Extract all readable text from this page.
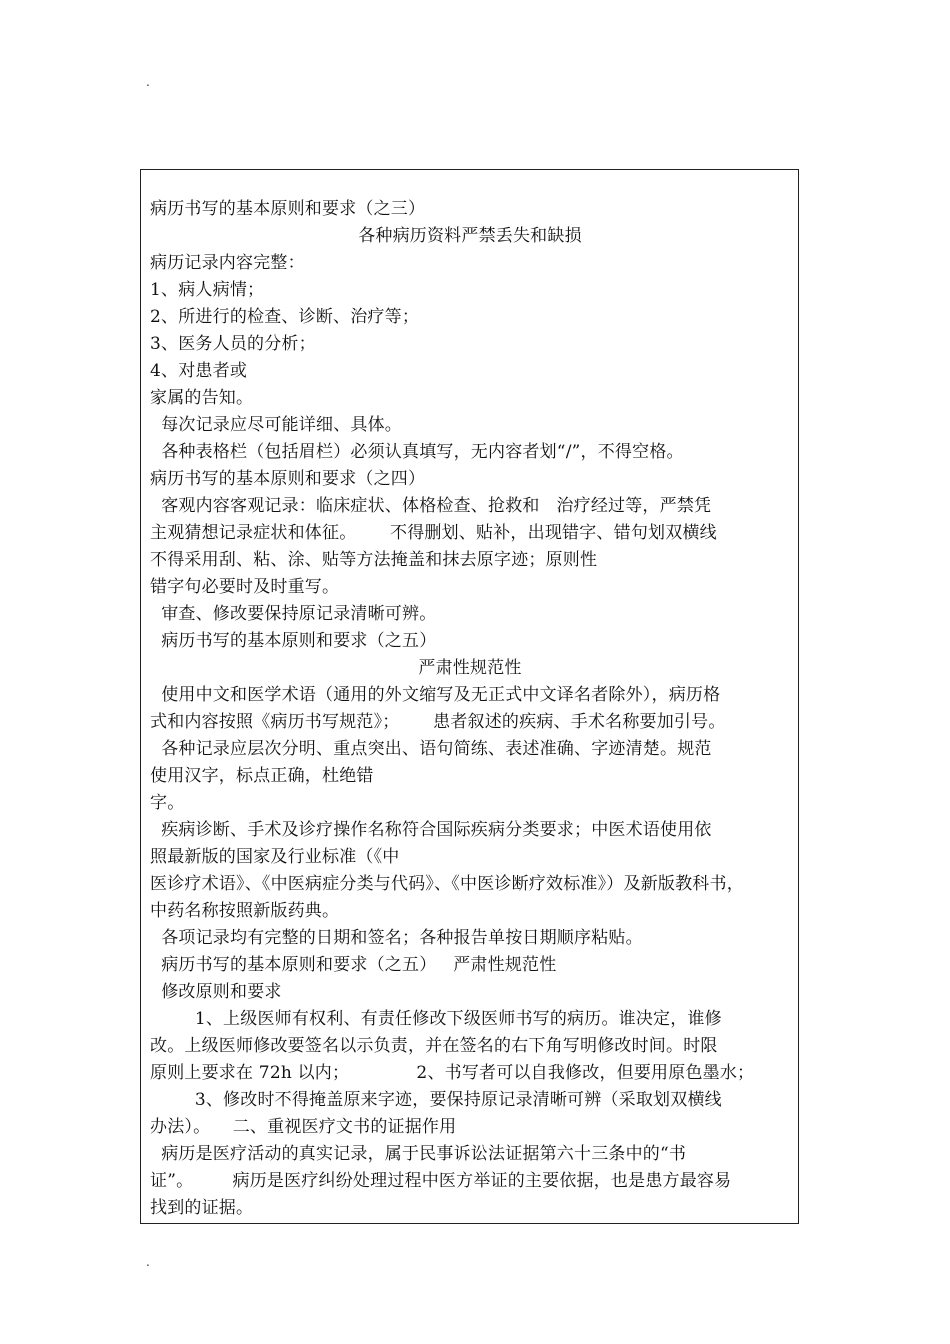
.
病历书写的基本原则和要求（之三）
各种病历资料严禁丢失和缺损
病历记录内容完整：
1、病人病情；
2、所进行的检查、诊断、治疗等；
3、医务人员的分析；
4、对患者或
家属的告知。
每次记录应尽可能详细、具体。
各种表格栏（包括眉栏）必须认真填写，无内容者划“/”，不得空格。
病历书写的基本原则和要求（之四）
客观内容客观记录：临床症状、体格检查、抢救和   治疗经过等，严禁凭
主观猜想记录症状和体征。      不得删划、贴补，出现错字、错句划双横线
不得采用刮、粘、涂、贴等方法掩盖和抹去原字迹；原则性
错字句必要时及时重写。
审查、修改要保持原记录清晰可辨。
病历书写的基本原则和要求（之五）
严肃性规范性
使用中文和医学术语（通用的外文缩写及无正式中文译名者除外），病历格
式和内容按照《病历书写规范》；      患者叙述的疾病、手术名称要加引号。
各种记录应层次分明、重点突出、语句简练、表述准确、字迹清楚。规范
使用汉字，标点正确，杜绝错
字。
疾病诊断、手术及诊疗操作名称符合国际疾病分类要求；中医术语使用依
照最新版的国家及行业标准（《中
医诊疗术语》、《中医病症分类与代码》、《中医诊断疗效标准》）及新版教科书，
中药名称按照新版药典。
各项记录均有完整的日期和签名；各种报告单按日期顺序粘贴。
病历书写的基本原则和要求（之五）   严肃性规范性
修改原则和要求
1、上级医师有权利、有责任修改下级医师书写的病历。谁决定，谁修
改。上级医师修改要签名以示负责，并在签名的右下角写明修改时间。时限
原则上要求在 72h 以内；            2、书写者可以自我修改，但要用原色墨水；
3、修改时不得掩盖原来字迹，要保持原记录清晰可辨（采取划双横线
办法）。    二、重视医疗文书的证据作用
病历是医疗活动的真实记录，属于民事诉讼法证据第六十三条中的“书
证”。       病历是医疗纠纷处理过程中医方举证的主要依据，也是患方最容易
找到的证据。
.
